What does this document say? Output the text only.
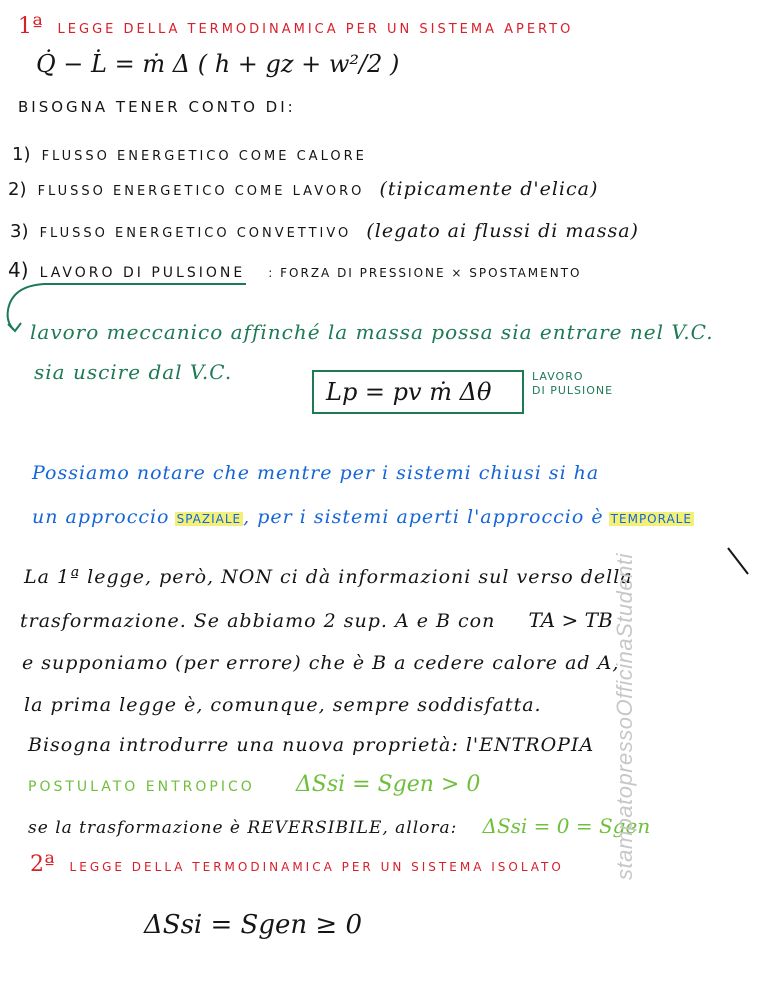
1ª LEGGE DELLA TERMODINAMICA PER UN SISTEMA APERTO
Q̇ − L̇ = ṁ Δ ( h + gz + w²/2 )
BISOGNA TENER CONTO DI:
1) FLUSSO ENERGETICO COME CALORE
2) FLUSSO ENERGETICO COME LAVORO (tipicamente d'elica)
3) FLUSSO ENERGETICO CONVETTIVO (legato ai flussi di massa)
4) LAVORO DI PULSIONE : FORZA DI PRESSIONE × SPOSTAMENTO
lavoro meccanico affinché la massa possa sia entrare nel V.C.
sia uscire dal V.C.
Lp = pv ṁ Δθ
LAVORO
DI PULSIONE
Possiamo notare che mentre per i sistemi chiusi si ha
un approccio SPAZIALE , per i sistemi aperti l'approccio è TEMPORALE
La 1ª legge, però, NON ci dà informazioni sul verso della
trasformazione. Se abbiamo 2 sup. A e B con TA > TB
e supponiamo (per errore) che è B a cedere calore ad A,
la prima legge è, comunque, sempre soddisfatta.
Bisogna introdurre una nuova proprietà: l'ENTROPIA
POSTULATO ENTROPICO ΔSsi = Sgen > 0
se la trasformazione è REVERSIBILE, allora: ΔSsi = 0 = Sgen
2ª LEGGE DELLA TERMODINAMICA PER UN SISTEMA ISOLATO
ΔSsi = Sgen ≥ 0
stampatopressoOfficinaStudenti
